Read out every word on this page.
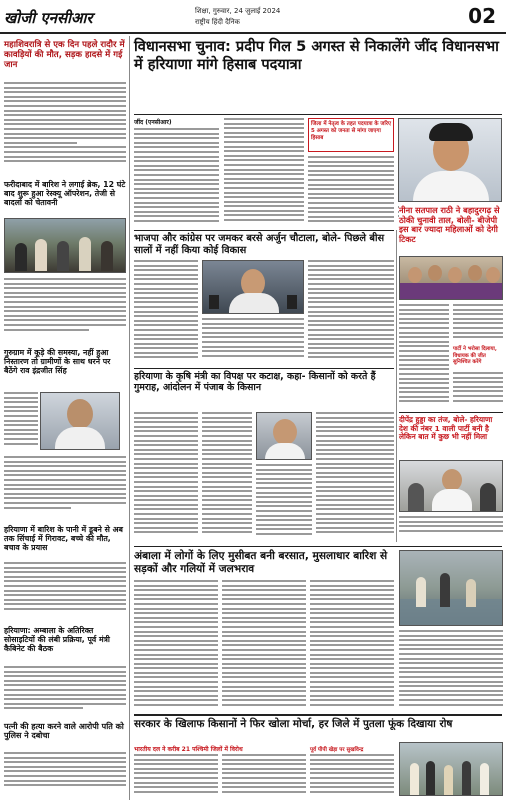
खोजी एनसीआर	शिक्षा, गुरुवार, 24 जुलाई 2024
राष्ट्रीय हिंदी दैनिक	02
महाशिवरात्रि से एक दिन पहले रादौर में कावड़ियों की मौत, सड़क हादसे में गई जान
फरीदाबाद में बारिश ने लगाई ब्रेक, 12 घंटे बाद शुरू हुआ रेस्क्यू ऑपरेशन, तेजी से बादलों को चेतावनी
गुरुग्राम में कूड़े की समस्या, नहीं हुआ निस्तारण तो ग्रामीणों के साथ धरने पर बैठेंगे राव इंद्रजीत सिंह
हरियाणा में बारिश के पानी में डूबने से अब तक सिंचाई में गिरावट, बच्चे की मौत, बचाव के प्रयास
हरियाणा: अम्बाला के अतिरिक्त सोसाइटियों की लंबी प्रक्रिया, पूर्व मंत्री कैबिनेट की बैठक
पत्नी की हत्या करने वाले आरोपी पति को पुलिस ने दबोचा
विधानसभा चुनाव: प्रदीप गिल 5 अगस्त से निकालेंगे जींद विधानसभा में हरियाणा मांगे हिसाब पदयात्रा
जींद (एनसीआर)	जिला में नेतृत्व के तहत पदयात्रा के जरिए 5 अगस्त को जनता से मांगा जाएगा हिसाब
भाजपा और कांग्रेस पर जमकर बरसे अर्जुन चौटाला, बोले- पिछले बीस सालों में नहीं किया कोई विकास
नीना सतपाल राठी ने बहादुरगढ़ से ठोकी चुनावी ताल, बोली- बीजेपी इस बार ज्यादा महिलाओं को देगी टिकट
पार्टी ने भरोसा दिलाया, विधायक की जीत सुनिश्चित करेंगे
दीपेंद्र हुड्डा का तंज, बोले- हरियाणा देश की नंबर 1 वाली पार्टी बनी है लेकिन बात में कुछ भी नहीं मिला
हरियाणा के कृषि मंत्री का विपक्ष पर कटाक्ष, कहा- किसानों को करते हैं गुमराह, आंदोलन में पंजाब के किसान
अंबाला में लोगों के लिए मुसीबत बनी बरसात, मुसलाधार बारिश से सड़कों और गलियों में जलभराव
सरकार के खिलाफ किसानों ने फिर खोला मोर्चा, हर जिले में पुतला फूंक दिखाया रोष
भारतीय दल ने करीब 21 पश्चिमी जिलों में विरोध	पूर्व पीपी खेड़ा पर सुखविन्द्र
